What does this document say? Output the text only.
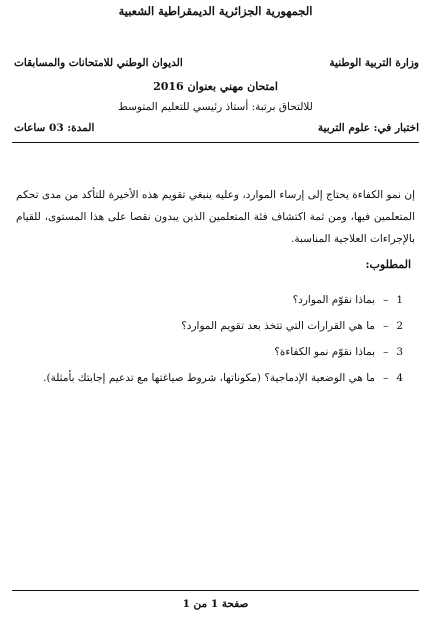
الجمهورية الجزائرية الديمقراطية الشعبية
وزارة التربية الوطنية
الديوان الوطني للامتحانات والمسابقات
امتحان مهني بعنوان 2016
للالتحاق برتبة: أستاذ رئيسي للتعليم المتوسط
اختبار في: علوم التربية
المدة: 03 ساعات
إن نمو الكفاءة يحتاج إلى إرساء الموارد، وعليه ينبغي تقويم هذه الأخيرة للتأكد من مدى تحكم المتعلمين فيها، ومن ثمة اكتشاف فئة المتعلمين الذين يبدون نقصا على هذا المستوى، للقيام بالإجراءات العلاجية المناسبة.
المطلوب:
1–بماذا نقوّم الموارد؟
2–ما هي القرارات التي تتخذ بعد تقويم الموارد؟
3–بماذا نقوّم نمو الكفاءة؟
4–ما هي الوضعية الإدماجية؟ (مكوناتها، شروط صياغتها مع تدعيم إجابتك بأمثلة).
صفحة 1 من 1
